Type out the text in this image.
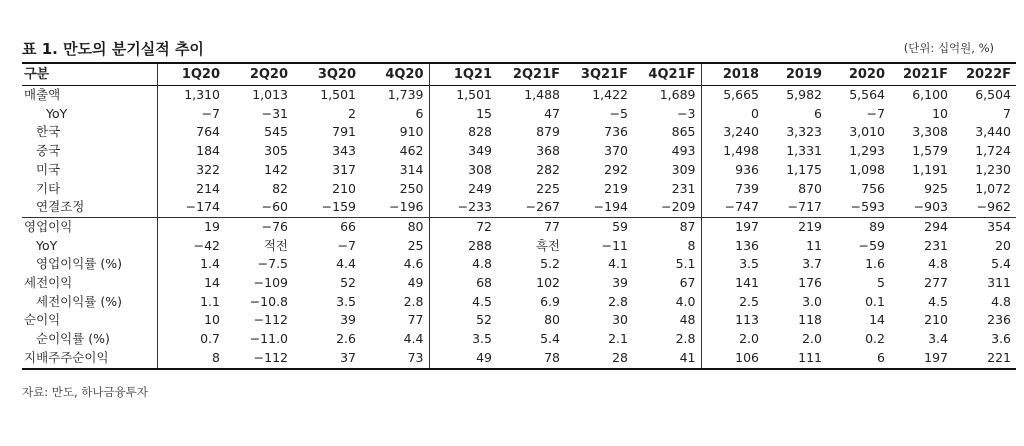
표 1. 만도의 분기실적 추이	(단위: 십억원, %)
구분	1Q20	2Q20	3Q20	4Q20	1Q21	2Q21F	3Q21F	4Q21F	2018	2019	2020	2021F	2022F
매출액	1,310	1,013	1,501	1,739	1,501	1,488	1,422	1,689	5,665	5,982	5,564	6,100	6,504
YoY	−7	−31	2	6	15	47	−5	−3	0	6	−7	10	7
한국	764	545	791	910	828	879	736	865	3,240	3,323	3,010	3,308	3,440
중국	184	305	343	462	349	368	370	493	1,498	1,331	1,293	1,579	1,724
미국	322	142	317	314	308	282	292	309	936	1,175	1,098	1,191	1,230
기타	214	82	210	250	249	225	219	231	739	870	756	925	1,072
연결조정	−174	−60	−159	−196	−233	−267	−194	−209	−747	−717	−593	−903	−962
영업이익	19	−76	66	80	72	77	59	87	197	219	89	294	354
YoY	−42	적전	−7	25	288	흑전	−11	8	136	11	−59	231	20
영업이익률 (%)	1.4	−7.5	4.4	4.6	4.8	5.2	4.1	5.1	3.5	3.7	1.6	4.8	5.4
세전이익	14	−109	52	49	68	102	39	67	141	176	5	277	311
세전이익률 (%)	1.1	−10.8	3.5	2.8	4.5	6.9	2.8	4.0	2.5	3.0	0.1	4.5	4.8
순이익	10	−112	39	77	52	80	30	48	113	118	14	210	236
순이익률 (%)	0.7	−11.0	2.6	4.4	3.5	5.4	2.1	2.8	2.0	2.0	0.2	3.4	3.6
지배주주순이익	8	−112	37	73	49	78	28	41	106	111	6	197	221
자료: 만도, 하나금융투자
